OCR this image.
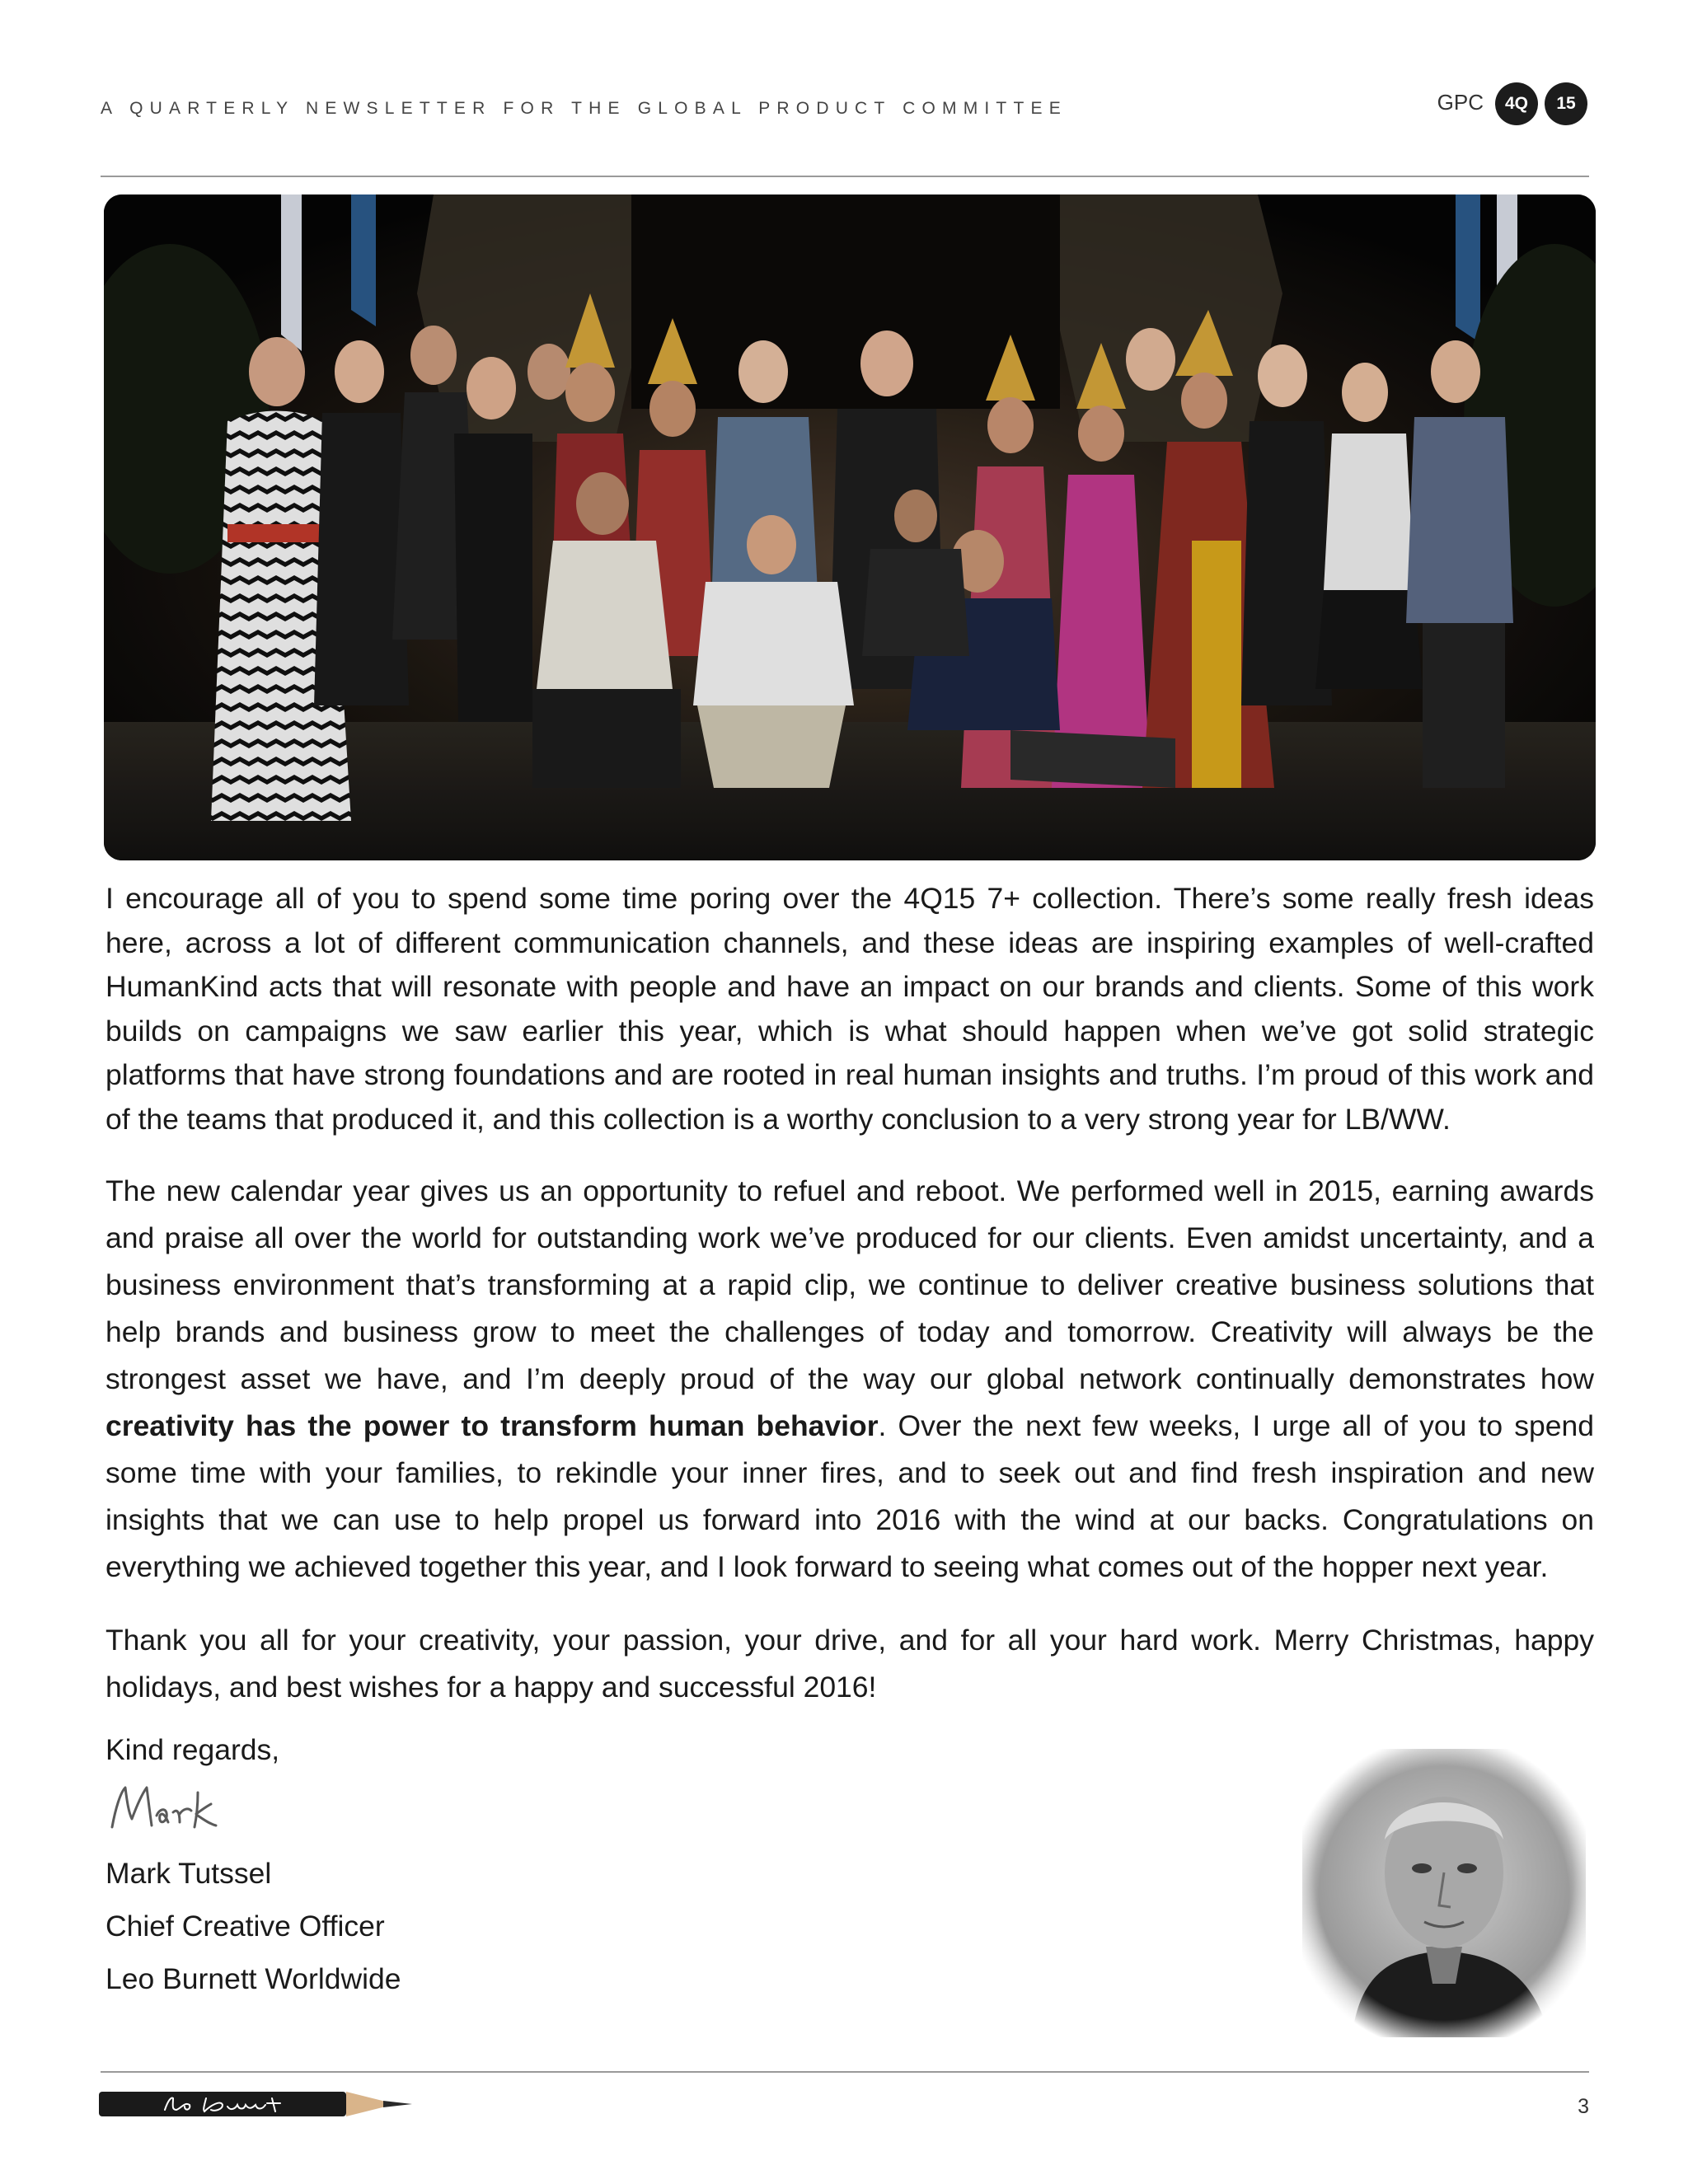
A QUARTERLY NEWSLETTER FOR THE GLOBAL PRODUCT COMMITTEE	GPC	4Q	15

I encourage all of you to spend some time poring over the 4Q15 7+ collection. There’s some really fresh ideas here, across a lot of different communication channels, and these ideas are inspiring examples of well-crafted HumanKind acts that will resonate with people and have an impact on our brands and clients. Some of this work builds on campaigns we saw earlier this year, which is what should happen when we’ve got solid strategic platforms that have strong foundations and are rooted in real human insights and truths. I’m proud of this work and of the teams that produced it, and this collection is a worthy conclusion to a very strong year for LB/WW.

The new calendar year gives us an opportunity to refuel and reboot. We performed well in 2015, earning awards and praise all over the world for outstanding work we’ve produced for our clients. Even amidst uncertainty, and a business environment that’s transforming at a rapid clip, we continue to deliver creative business solutions that help brands and business grow to meet the challenges of today and tomorrow. Creativity will always be the strongest asset we have, and I’m deeply proud of the way our global network continually demonstrates how creativity has the power to transform human behavior. Over the next few weeks, I urge all of you to spend some time with your families, to rekindle your inner fires, and to seek out and find fresh inspiration and new insights that we can use to help propel us forward into 2016 with the wind at our backs. Congratulations on everything we achieved together this year, and I look forward to seeing what comes out of the hopper next year.

Thank you all for your creativity, your passion, your drive, and for all your hard work. Merry Christmas, happy holidays, and best wishes for a happy and successful 2016!

Kind regards,
Mark Tutssel
Chief Creative Officer
Leo Burnett Worldwide
3
